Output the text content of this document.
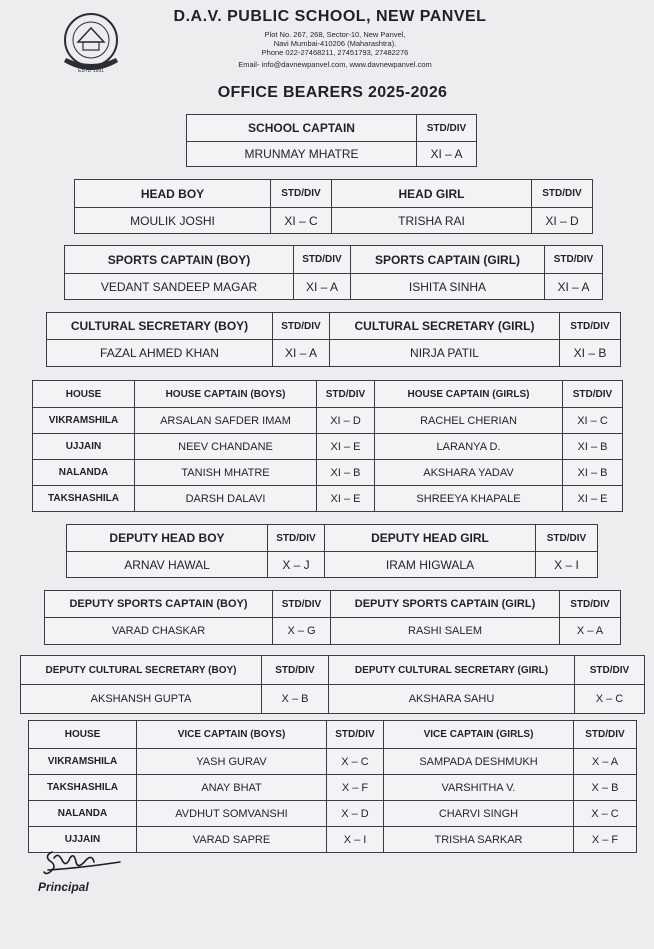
ESTD 1991
D.A.V. PUBLIC SCHOOL, NEW PANVEL
Plot No. 267, 268, Sector-10, New Panvel,
Navi Mumbai-410206 (Maharashtra).
Phone 022-27468211, 27451793, 27482276
Email- info@davnewpanvel.com, www.davnewpanvel.com
OFFICE BEARERS 2025-2026
SCHOOL CAPTAIN	STD/DIV
MRUNMAY MHATRE	XI – A
HEAD BOY	STD/DIV	HEAD GIRL	STD/DIV
MOULIK JOSHI	XI – C	TRISHA RAI	XI – D
SPORTS CAPTAIN (BOY)	STD/DIV	SPORTS CAPTAIN (GIRL)	STD/DIV
VEDANT SANDEEP MAGAR	XI – A	ISHITA SINHA	XI – A
CULTURAL SECRETARY (BOY)	STD/DIV	CULTURAL SECRETARY (GIRL)	STD/DIV
FAZAL AHMED KHAN	XI – A	NIRJA PATIL	XI – B
HOUSE	HOUSE CAPTAIN (BOYS)	STD/DIV	HOUSE CAPTAIN (GIRLS)	STD/DIV
VIKRAMSHILA	ARSALAN SAFDER IMAM	XI – D	RACHEL CHERIAN	XI – C
UJJAIN	NEEV CHANDANE	XI – E	LARANYA D.	XI – B
NALANDA	TANISH MHATRE	XI – B	AKSHARA YADAV	XI – B
TAKSHASHILA	DARSH DALAVI	XI – E	SHREEYA KHAPALE	XI – E
DEPUTY HEAD BOY	STD/DIV	DEPUTY HEAD GIRL	STD/DIV
ARNAV HAWAL	X – J	IRAM HIGWALA	X – I
DEPUTY SPORTS CAPTAIN (BOY)	STD/DIV	DEPUTY SPORTS CAPTAIN (GIRL)	STD/DIV
VARAD CHASKAR	X – G	RASHI SALEM	X – A
DEPUTY CULTURAL SECRETARY (BOY)	STD/DIV	DEPUTY CULTURAL SECRETARY (GIRL)	STD/DIV
AKSHANSH GUPTA	X – B	AKSHARA SAHU	X – C
HOUSE	VICE CAPTAIN (BOYS)	STD/DIV	VICE CAPTAIN (GIRLS)	STD/DIV
VIKRAMSHILA	YASH GURAV	X – C	SAMPADA DESHMUKH	X – A
TAKSHASHILA	ANAY BHAT	X – F	VARSHITHA V.	X – B
NALANDA	AVDHUT SOMVANSHI	X – D	CHARVI SINGH	X – C
UJJAIN	VARAD SAPRE	X – I	TRISHA SARKAR	X – F
Principal
